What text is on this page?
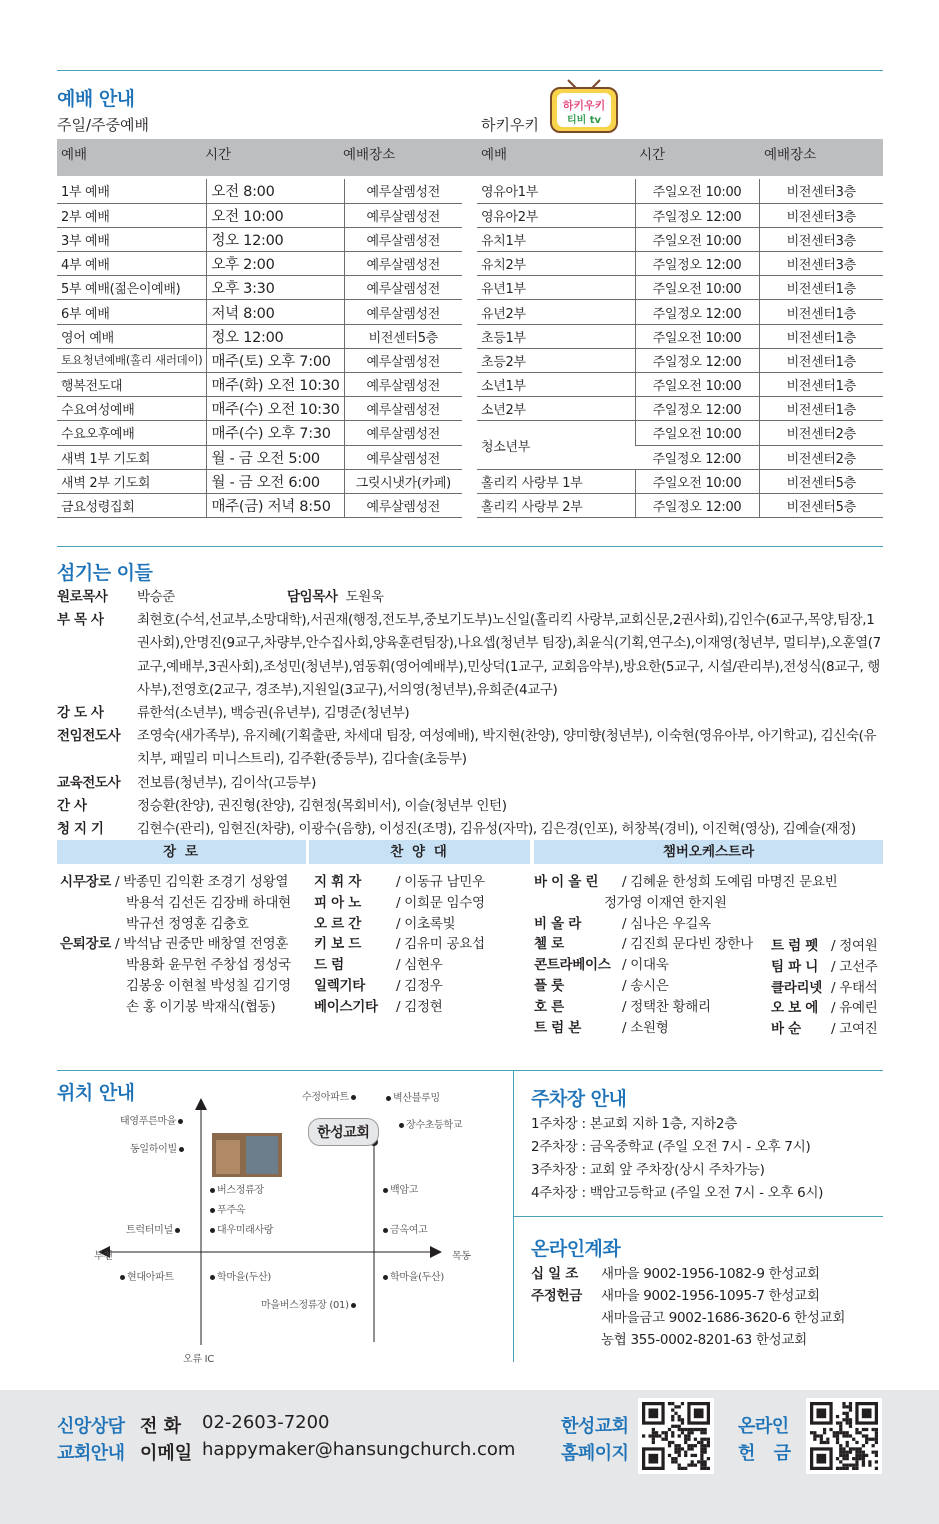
예배 안내
주일/주중예배	하키우키
하키우키
티비 tv
예배	시간	예배장소	예배	시간	예배장소
1부 예배	오전 8:00	예루살렘성전
2부 예배	오전 10:00	예루살렘성전
3부 예배	정오 12:00	예루살렘성전
4부 예배	오후 2:00	예루살렘성전
5부 예배(젊은이예배)	오후 3:30	예루살렘성전
6부 예배	저녁 8:00	예루살렘성전
영어 예배	정오 12:00	비전센터5층
토요청년예배(홀리 새러데이)	매주(토) 오후 7:00	예루살렘성전
행복전도대	매주(화) 오전 10:30	예루살렘성전
수요여성예배	매주(수) 오전 10:30	예루살렘성전
수요오후예배	매주(수) 오후 7:30	예루살렘성전
새벽 1부 기도회	월 - 금 오전 5:00	예루살렘성전
새벽 2부 기도회	월 - 금 오전 6:00	그릿시냇가(카페)
금요성령집회	매주(금) 저녁 8:50	예루살렘성전
영유아1부	주일오전 10:00	비전센터3층
영유아2부	주일정오 12:00	비전센터3층
유치1부	주일오전 10:00	비전센터3층
유치2부	주일정오 12:00	비전센터3층
유년1부	주일오전 10:00	비전센터1층
유년2부	주일정오 12:00	비전센터1층
초등1부	주일오전 10:00	비전센터1층
초등2부	주일정오 12:00	비전센터1층
소년1부	주일오전 10:00	비전센터1층
소년2부	주일정오 12:00	비전센터1층
청소년부	주일오전 10:00	비전센터2층
	주일정오 12:00	비전센터2층
홀리킥 사랑부 1부	주일오전 10:00	비전센터5층
홀리킥 사랑부 2부	주일정오 12:00	비전센터5층
섬기는 이들
원로목사	박승준	담임목사 도원욱
부 목 사	최현호(수석,선교부,소망대학),서권재(행정,전도부,중보기도부)노신일(홀리킥 사랑부,교회신문,2권사회),김인수(6교구,목양,팀장,1권사회),안명진(9교구,차량부,안수집사회,양육훈련팀장),나요셉(청년부 팀장),최윤식(기획,연구소),이재영(청년부, 멀티부),오훈열(7교구,예배부,3권사회),조성민(청년부),염동휘(영어예배부),민상덕(1교구, 교회음악부),방요한(5교구, 시설/관리부),전성식(8교구, 행사부),전영호(2교구, 경조부),지원일(3교구),서의영(청년부),유희준(4교구)
강 도 사	류한석(소년부), 백승권(유년부), 김명준(청년부)
전임전도사	조영숙(새가족부), 유지혜(기획출판, 차세대 팀장, 여성예배), 박지현(찬양), 양미향(청년부), 이숙현(영유아부, 아기학교), 김신숙(유치부, 패밀리 미니스트리), 김주환(중등부), 김다솔(초등부)
교육전도사	전보름(청년부), 김이삭(고등부)
간 사	정승환(찬양), 권진형(찬양), 김현정(목회비서), 이슬(청년부 인턴)
청 지 기	김현수(관리), 임현진(차량), 이광수(음향), 이성진(조명), 김유성(자막), 김은경(인포), 허창복(경비), 이진혁(영상), 김예슬(재정)
장 로	찬 양 대	챔버오케스트라
시무장로 / 박종민 김익환 조경기 성왕열
박용석 김선돈 김장배 하대현
박규선 정영훈 김충호
은퇴장로 / 박석남 권중만 배창열 전영훈
박용화 윤무헌 주창섭 정성국
김봉웅 이현철 박성칠 김기영
손 홍 이기봉 박재식(협동)
지 휘 자	/ 이동규 남민우
피 아 노	/ 이희문 임수영
오 르 간	/ 이초록빛
키 보 드	/ 김유미 공요섭
드 럼	/ 심현우
일렉기타 / 김정우
베이스기타 / 김정현
바 이 올 린 / 김혜윤 한성희 도예림 마명진 문요빈
정가영 이재연 한지원
비 올 라	/ 심나은 우길옥
첼 로	/ 김진희 문다빈 장한나
콘트라베이스 / 이대욱
플 룻	/ 송시은
호 른	/ 정택찬 황해리
트 럼 본	/ 소원형
트 럼 펫 / 정여원
팀 파 니 / 고선주
클라리넷 / 우태석
오 보 에 / 유예린
바 순 / 고여진
위치 안내
한성교회
수정아파트	벽산블루밍
태영푸른마을	장수초등학교
동일하이빌
버스정류장	백암고
푸주옥
트럭터미널	대우미래사랑	금옥여고
부천	목동
현대아파트	학마을(두산)	학마을(두산)
마을버스정류장 (01)
오류 IC
주차장 안내
1주차장 : 본교회 지하 1층, 지하2층
2주차장 : 금옥중학교 (주일 오전 7시 - 오후 7시)
3주차장 : 교회 앞 주차장(상시 주차가능)
4주차장 : 백암고등학교 (주일 오전 7시 - 오후 6시)
온라인계좌
십 일 조	새마을 9002-1956-1082-9 한성교회
주정헌금	새마을 9002-1956-1095-7 한성교회
새마을금고 9002-1686-3620-6 한성교회
농협 355-0002-8201-63 한성교회
신앙상담
교회안내
전 화 02-2603-7200
이메일 happymaker@hansungchurch.com
한성교회
홈페이지
온라인
헌 금
